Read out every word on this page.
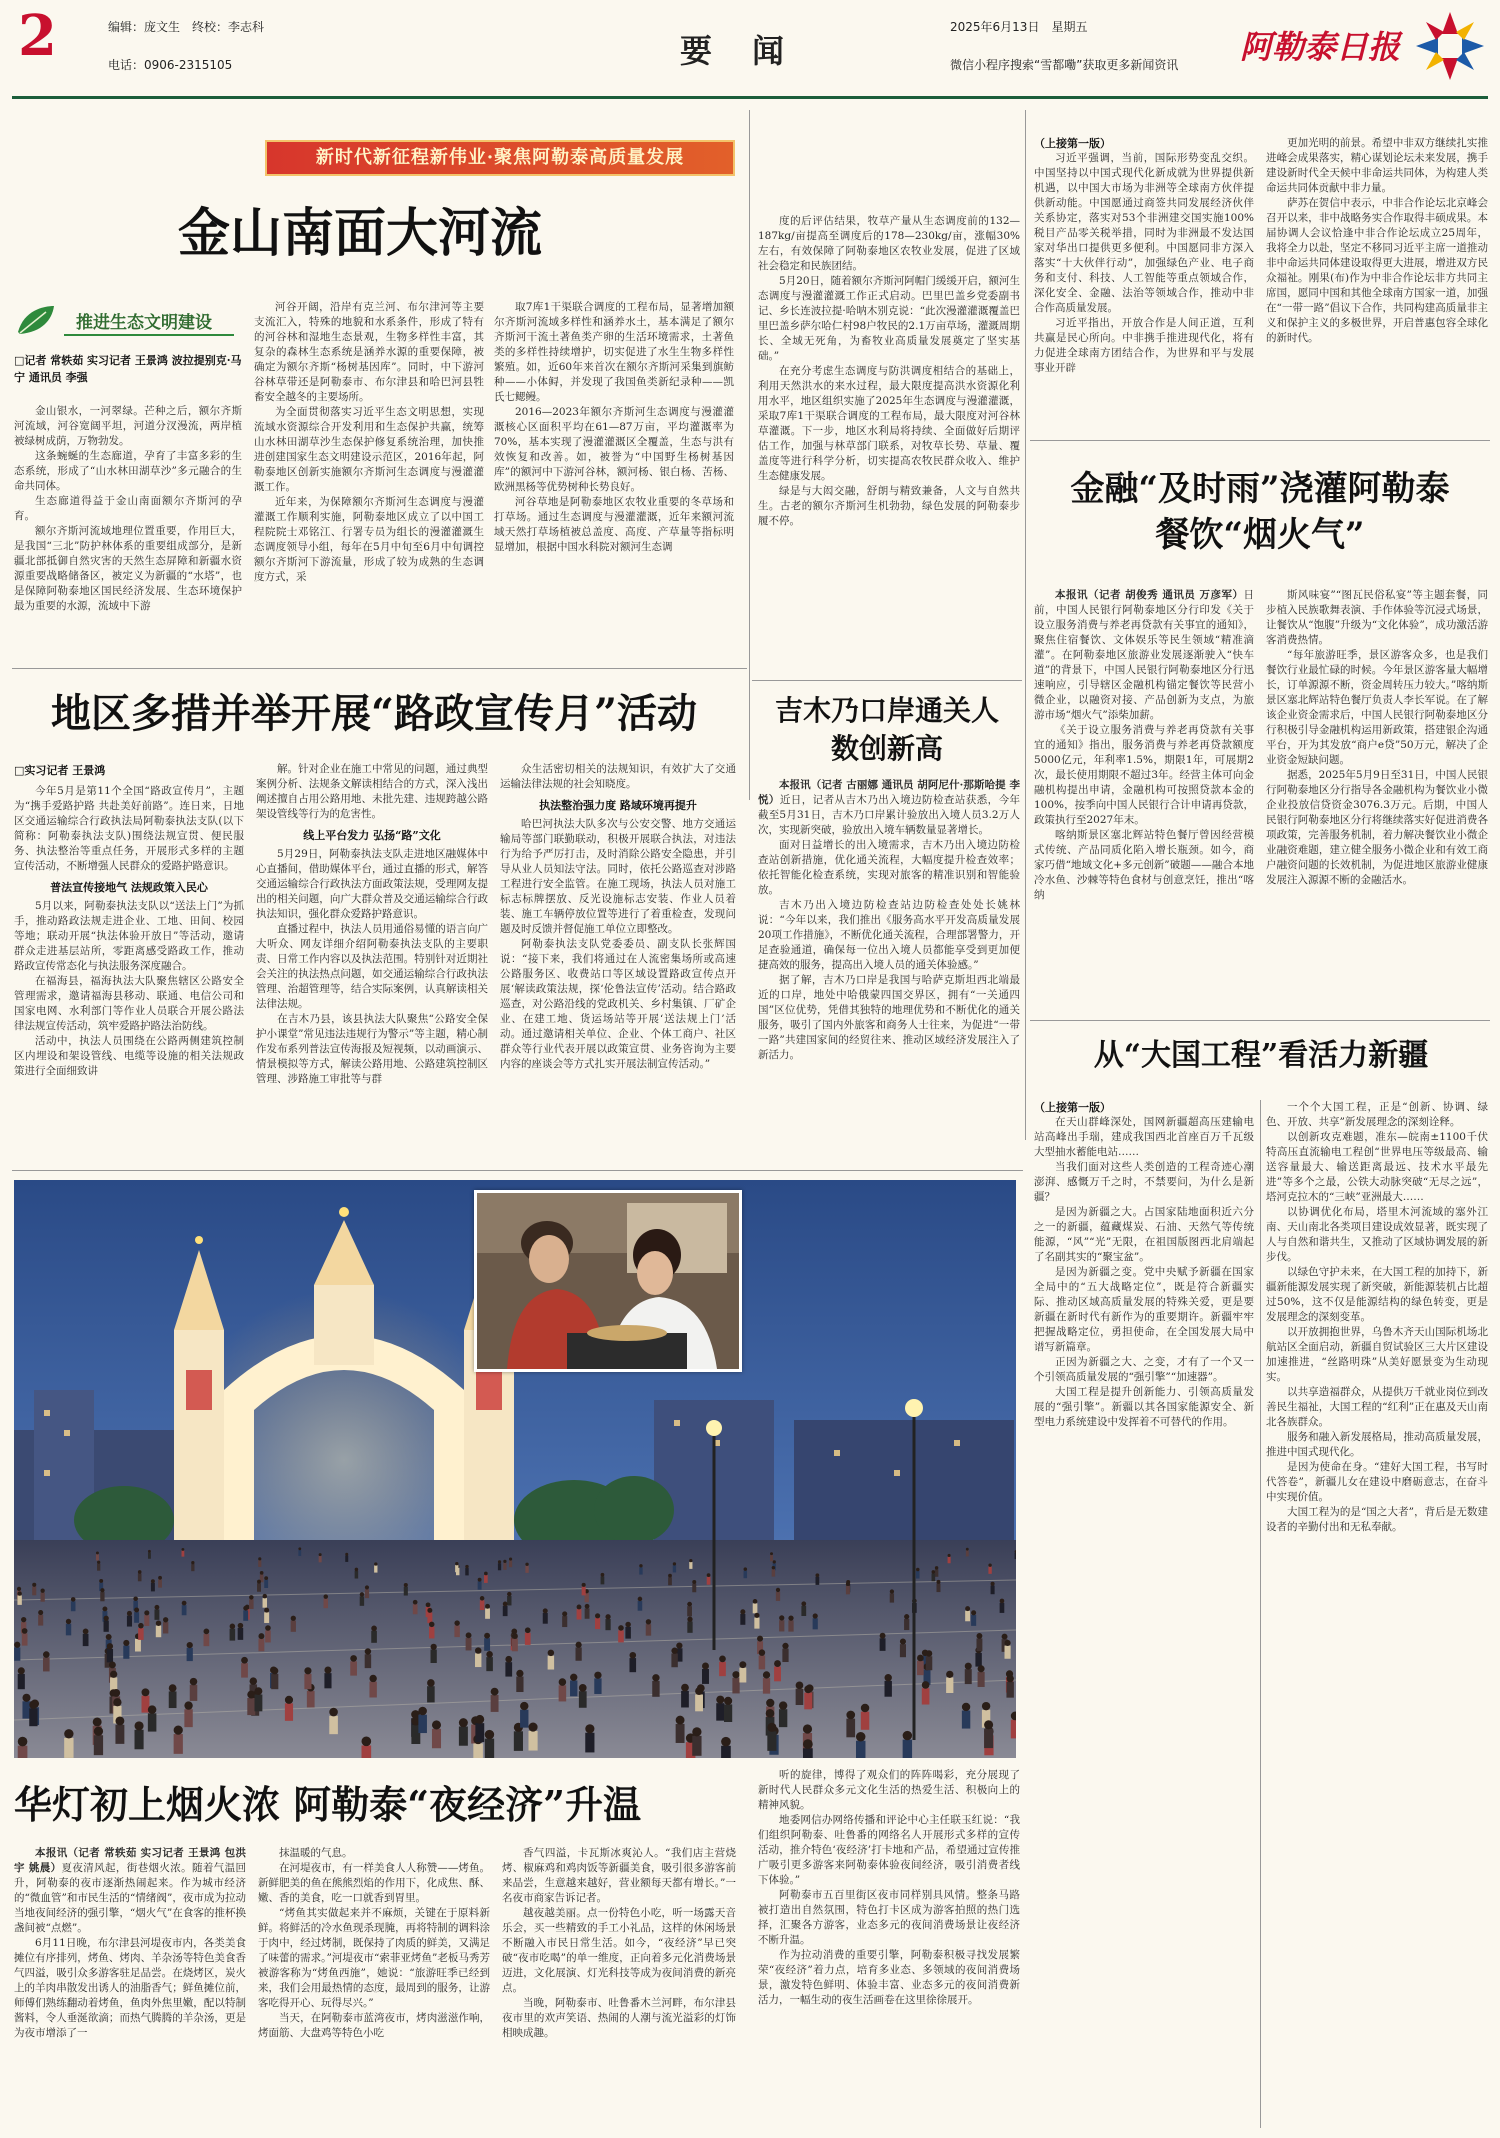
2	编辑：庞文生　终校：李志科
电话：0906-2315105	要　闻
2025年6月13日　星期五
微信小程序搜索“雪都嘞”获取更多新闻资讯 阿勒泰日报
新时代新征程新伟业·聚焦阿勒泰高质量发展
金山南面大河流
推进生态文明建设
□记者 常轶茹 实习记者 王景鸿 波拉提别克·马宁 通讯员 李强

金山银水，一河翠绿。芒种之后，额尔齐斯河流域，河谷宽阔平坦，河道分汊漫流，两岸植被绿树成荫，万物勃发。

这条蜿蜒的生态廊道，孕育了丰富多彩的生态系统，形成了“山水林田湖草沙”多元融合的生命共同体。

生态廊道得益于金山南面额尔齐斯河的孕育。

额尔齐斯河流域地理位置重要，作用巨大，是我国“三北”防护林体系的重要组成部分，是新疆北部抵御自然灾害的天然生态屏障和新疆水资源重要战略储备区，被定义为新疆的“水塔”，也是保障阿勒泰地区国民经济发展、生态环境保护最为重要的水源，流域中下游

河谷开阔，沿岸有克兰河、布尔津河等主要支流汇入，特殊的地貌和水系条件，形成了特有的河谷林和湿地生态景观，生物多样性丰富，其复杂的森林生态系统是涵养水源的重要保障，被确定为额尔齐斯“杨树基因库”。同时，中下游河谷林草带还是阿勒泰市、布尔津县和哈巴河县牲畜安全越冬的主要场所。

为全面贯彻落实习近平生态文明思想，实现流域水资源综合开发利用和生态保护共赢，统筹山水林田湖草沙生态保护修复系统治理，加快推进创建国家生态文明建设示范区，2016年起，阿勒泰地区创新实施额尔齐斯河生态调度与漫灌灌溉工作。

近年来，为保障额尔齐斯河生态调度与漫灌灌溉工作顺利实施，阿勒泰地区成立了以中国工程院院士邓铭江、行署专员为组长的漫灌灌溉生态调度领导小组，每年在5月中旬至6月中旬调控额尔齐斯河下游流量，形成了较为成熟的生态调度方式，采

取7库1干渠联合调度的工程布局，显著增加额尔齐斯河流域多样性和涵养水土，基本满足了额尔齐斯河干流土著鱼类产卵的生活环境需求，土著鱼类的多样性持续增护，切实促进了水生生物多样性繁殖。如，近60年来首次在额尔齐斯河采集到旗鲂种——小体鲟，并发现了我国鱼类新纪录种——凯氏七鳃鳗。

2016—2023年额尔齐斯河生态调度与漫灌灌溉核心区面积平均在61—87万亩，平均灌溉率为70%，基本实现了漫灌灌溉区全覆盖，生态与洪有效恢复和改善。如，被誉为“中国野生杨树基因库”的额河中下游河谷林，额河杨、银白杨、苦杨、欧洲黑杨等优势树种长势良好。

河谷草地是阿勒泰地区农牧业重要的冬草场和打草场。通过生态调度与漫灌灌溉，近年来额河流域天然打草场植被总盖度、高度、产草量等指标明显增加，根据中国水科院对额河生态调

度的后评估结果，牧草产量从生态调度前的132—187kg/亩提高至调度后的178—230kg/亩，涨幅30%左右，有效保障了阿勒泰地区农牧业发展，促进了区域社会稳定和民族团结。

5月20日，随着额尔齐斯河阿帽门缓缓开启，额河生态调度与漫灌灌溉工作正式启动。巴里巴盖乡党委副书记、乡长连波拉提·哈呐木别克说：“此次漫灌灌溉覆盖巴里巴盖乡萨尔哈仁村98户牧民的2.1万亩草场，灌溉周期长、全域无死角，为畜牧业高质量发展奠定了坚实基础。”

在充分考虑生态调度与防洪调度相结合的基础上，利用天然洪水的来水过程，最大限度提高洪水资源化利用水平，地区组织实施了2025年生态调度与漫灌灌溉，采取7库1干渠联合调度的工程布局，最大限度对河谷林草灌溉。下一步，地区水利局将持续、全面做好后期评估工作，加强与林草部门联系，对牧草长势、草量、覆盖度等进行科学分析，切实提高农牧民群众收入、维护生态健康发展。

绿是与大闳交融，舒朗与精致兼备，人文与自然共生。古老的额尔齐斯河生机勃勃，绿色发展的阿勒泰步履不停。

地区多措并举开展“路政宣传月”活动
□实习记者 王景鸿

今年5月是第11个全国“路政宣传月”，主题为“携手爱路护路 共赴美好前路”。连日来，日地区交通运输综合行政执法局阿勒泰执法支队(以下简称：阿勒泰执法支队)围绕法规宣贯、便民服务、执法整治等重点任务，开展形式多样的主题宣传活动，不断增强人民群众的爱路护路意识。

普法宣传接地气 法规政策入民心

5月以来，阿勒泰执法支队以“送法上门”为抓手，推动路政法规走进企业、工地、田间、校园等地；联动开展“执法体验开放日”等活动，邀请群众走进基层站所，零距离感受路政工作，推动路政宣传常态化与执法服务深度融合。

在福海县，福海执法大队聚焦辖区公路安全管理需求，邀请福海县移动、联通、电信公司和国家电网、水利部门等作业人员联合开展公路法律法规宣传活动，筑牢爱路护路法治防线。

活动中，执法人员围绕在公路两侧建筑控制区内埋设和架设管线、电缆等设施的相关法规政策进行全面细致讲

解。针对企业在施工中常见的问题，通过典型案例分析、法规条文解读相结合的方式，深入浅出阐述擅自占用公路用地、未批先建、违规跨越公路架设管线等行为的危害性。

线上平台发力 弘扬“路”文化

5月29日，阿勒泰执法支队走进地区融媒体中心直播间，借助媒体平台，通过直播的形式，解答交通运输综合行政执法方面政策法规，受理网友提出的相关问题，向广大群众普及交通运输综合行政执法知识，强化群众爱路护路意识。

直播过程中，执法人员用通俗易懂的语言向广大听众、网友详细介绍阿勒泰执法支队的主要职责、日常工作内容以及执法范围。特别针对近期社会关注的执法热点问题，如交通运输综合行政执法管理、治超管理等，结合实际案例，认真解读相关法律法规。

在吉木乃县，该县执法大队聚焦“公路安全保护小课堂”常见违法违规行为警示”等主题，精心制作发布系列普法宣传海报及短视频，以动画演示、情景模拟等方式，解读公路用地、公路建筑控制区管理、涉路施工审批等与群

众生活密切相关的法规知识，有效扩大了交通运输法律法规的社会知晓度。

执法整治强力度 路域环境再提升

哈巴河执法大队多次与公安交警、地方交通运输局等部门联勤联动，积极开展联合执法，对违法行为给予严厉打击，及时消除公路安全隐患，并引导从业人员知法守法。同时，依托公路巡查对涉路工程进行安全监管。在施工现场，执法人员对施工标志标牌摆放、反光设施标志安装、作业人员着装、施工车辆停放位置等进行了着重检查，发现问题及时反馈并督促施工单位立即整改。

阿勒泰执法支队党委委员、副支队长张辉国说：“接下来，我们将通过在人流密集场所或高速公路服务区、收费站口等区域设置路政宣传点开展‘解读政策法规，探‘伦鲁法宣传’活动。结合路政巡查，对公路沿线的党政机关、乡村集镇、厂矿企业、在建工地、货运场站等开展‘送法规上门’活动。通过邀请相关单位、企业、个体工商户、社区群众等行业代表开展以政策宣贯、业务咨询为主要内容的座谈会等方式扎实开展法制宣传活动。”

吉木乃口岸通关人数创新高

本报讯（记者 古丽娜 通讯员 胡阿尼什·那斯哈提 李悦）近日，记者从吉木乃出入境边防检查站获悉，今年截至5月31日，吉木乃口岸累计验放出入境人员3.2万人次，实现新突破，验放出入境车辆数量显著增长。

面对日益增长的出入境需求，吉木乃出入境边防检查站创新措施，优化通关流程，大幅度提升检查效率；依托智能化检查系统，实现对旅客的精准识别和智能验放。

吉木乃出入境边防检查站边防检查处处长姚林说：“今年以来，我们推出《服务高水平开发高质量发展20项工作措施》，不断优化通关流程，合理部署警力，开足查验通道，确保每一位出入境人员都能享受到更加便捷高效的服务，提高出入境人员的通关体验感。”

据了解，吉木乃口岸是我国与哈萨克斯坦西北端最近的口岸，地处中哈俄蒙四国交界区，拥有“一关通四国”区位优势，凭借其独特的地理优势和不断优化的通关服务，吸引了国内外旅客和商务人士往来，为促进“一带一路”共建国家间的经贸往来、推动区域经济发展注入了新活力。

（上接第一版）

习近平强调，当前，国际形势变乱交织。中国坚持以中国式现代化新成就为世界提供新机遇，以中国大市场为非洲等全球南方伙伴提供新动能。中国愿通过商签共同发展经济伙伴关系协定，落实对53个非洲建交国实施100%税目产品零关税举措，同时为非洲最不发达国家对华出口提供更多便利。中国愿同非方深入落实“十大伙伴行动”，加强绿色产业、电子商务和支付、科技、人工智能等重点领域合作，深化安全、金融、法治等领域合作，推动中非合作高质量发展。

习近平指出，开放合作是人间正道，互利共赢是民心所向。中非携手推进现代化，将有力促进全球南方团结合作，为世界和平与发展事业开辟

更加光明的前景。希望中非双方继续扎实推进峰会成果落实，精心谋划论坛未来发展，携手建设新时代全天候中非命运共同体，为构建人类命运共同体贡献中非力量。

萨苏在贺信中表示，中非合作论坛北京峰会召开以来，非中战略务实合作取得丰硕成果。本届协调人会议恰逢中非合作论坛成立25周年，我将全力以赴，坚定不移同习近平主席一道推动非中命运共同体建设取得更大进展，增进双方民众福祉。刚果(布)作为中非合作论坛非方共同主席国，愿同中国和其他全球南方国家一道，加强在“一带一路”倡议下合作，共同构建高质量非主义和保护主义的多极世界，开启普惠包容全球化的新时代。

金融“及时雨”浇灌阿勒泰餐饮“烟火气”

本报讯（记者 胡俊秀 通讯员 万彦军）日前，中国人民银行阿勒泰地区分行印发《关于设立服务消费与养老再贷款有关事宜的通知》，聚焦住宿餐饮、文体娱乐等民生领域“精准滴灌”。在阿勒泰地区旅游业发展逐渐驶入“快车道”的背景下，中国人民银行阿勒泰地区分行迅速响应，引导辖区金融机构锚定餐饮等民营小微企业，以融资对接、产品创新为支点，为旅游市场“烟火气”添柴加薪。

《关于设立服务消费与养老再贷款有关事宜的通知》指出，服务消费与养老再贷款额度5000亿元，年利率1.5%，期限1年，可展期2次，最长使用期限不超过3年。经营主体可向金融机构提出申请，金融机构可按照贷款本金的100%，按季向中国人民银行合计申请再贷款，政策执行至2027年末。

喀纳斯景区塞北辉站特色餐厅曾因经营模式传统、产品同质化陷入增长瓶颈。如今，商家巧借“地域文化+多元创新”破题——融合本地冷水鱼、沙棘等特色食材与创意烹饪，推出“喀纳

斯风味宴”“图瓦民俗私宴”等主题套餐，同步植入民族歌舞表演、手作体验等沉浸式场景，让餐饮从“饱腹”升级为“文化体验”，成功激活游客消费热情。

“每年旅游旺季，景区游客众多，也是我们餐饮行业最忙碌的时候。今年景区游客量大幅增长，订单源源不断，资金周转压力较大。”喀纳斯景区塞北辉站特色餐厅负责人李长军说。在了解该企业资金需求后，中国人民银行阿勒泰地区分行积极引导金融机构运用新政策，搭建银企沟通平台，开为其发放“商户e贷”50万元，解决了企业资金短缺问题。

据悉，2025年5月9日至31日，中国人民银行阿勒泰地区分行指导各金融机构为餐饮业小微企业投放信贷资金3076.3万元。后期，中国人民银行阿勒泰地区分行将继续落实好促进消费各项政策，完善服务机制，着力解决餐饮业小微企业融资难题，建立健全服务小微企业和有效工商户融资问题的长效机制，为促进地区旅游业健康发展注入源源不断的金融活水。

从“大国工程”看活力新疆
（上接第一版）

在天山群峰深处，国网新疆超高压建输电站高峰出手瑞，建成我国西北首座百万千瓦级大型抽水蓄能电站……

当我们面对这些人类创造的工程奇迹心潮澎湃、感慨万千之时，不禁要问，为什么是新疆？

是因为新疆之大。占国家陆地面积近六分之一的新疆，蕴藏煤炭、石油、天然气等传统能源，“风”“光”无限，在祖国版图西北肩端起了名副其实的“聚宝盆”。

是因为新疆之变。党中央赋予新疆在国家全局中的“五大战略定位”，既是符合新疆实际、推动区域高质量发展的特殊关爱，更是要新疆在新时代有新作为的重要期许。新疆牢牢把握战略定位，勇担使命，在全国发展大局中谱写新篇章。

正因为新疆之大、之变，才有了一个又一个引领高质量发展的“强引擎”“加速器”。

大国工程是提升创新能力、引领高质量发展的“强引擎”。新疆以其各国家能源安全、新型电力系统建设中发挥着不可替代的作用。

一个个大国工程，正是“创新、协调、绿色、开放、共享”新发展理念的深刻诠释。

以创新攻克难题，准东—皖南±1100千伏特高压直流输电工程创“世界电压等级最高、输送容量最大、输送距离最远、技术水平最先进”等多个之最，公铁大动脉突破“无尽之远”，塔河克拉木的“三峡”亚洲最大……

以协调优化布局，塔里木河流域的塞外江南、天山南北各类项目建设成效显著，既实现了人与自然和谐共生，又推动了区域协调发展的新步伐。

以绿色守护未来，在大国工程的加持下，新疆新能源发展实现了新突破，新能源装机占比超过50%，这不仅是能源结构的绿色转变，更是发展理念的深刻变革。

以开放拥抱世界，乌鲁木齐天山国际机场北航站区全面启动，新疆自贸试验区三大片区建设加速推进，“丝路明珠”从美好愿景变为生动现实。

以共享造福群众，从提供万千就业岗位到改善民生福祉，大国工程的“红利”正在惠及天山南北各族群众。

服务和融入新发展格局，推动高质量发展，推进中国式现代化。

是因为使命在身。“建好大国工程，书写时代答卷”，新疆儿女在建设中磨砺意志，在奋斗中实现价值。

大国工程为的是“国之大者”，背后是无数建设者的辛勤付出和无私奉献。

华灯初上烟火浓 阿勒泰“夜经济”升温

本报讯（记者 常轶茹 实习记者 王景鸿 包洪宇 姚晨）夏夜清风起，街巷烟火浓。随着气温回升，阿勒泰的夜市逐渐热闹起来。作为城市经济的“微血管”和市民生活的“情绪阀”，夜市成为拉动当地夜间经济的强引擎，“烟火气”在食客的推杯换盏间被“点燃”。

6月11日晚，布尔津县河堤夜市内，各类美食摊位有序排列，烤鱼、烤肉、羊杂汤等特色美食香气四溢，吸引众多游客驻足品尝。在烧烤区，炭火上的羊肉串散发出诱人的油脂香气；鲜鱼摊位前，师傅们熟练翻动着烤鱼，鱼肉外焦里嫩，配以特制酱料，令人垂涎欲滴；而热气腾腾的羊杂汤，更是为夜市增添了一

抹温暖的气息。

在河堤夜市，有一样美食人人称赞——烤鱼。新鲜肥美的鱼在熊熊烈焰的作用下，化成焦、酥、嫩、香的美食，吃一口就香到胃里。

“烤鱼其实做起来并不麻烦，关键在于原料新鲜。将鲜活的冷水鱼现杀现腌，再将特制的调料涂于肉中，经过烤制，既保持了肉质的鲜美，又满足了味蕾的需求。”河堤夜市“索菲亚烤鱼”老板马秀芳被游客称为“烤鱼西施”，她说：“旅游旺季已经到来，我们会用最热情的态度，最周到的服务，让游客吃得开心、玩得尽兴。”

当天，在阿勒泰市蓝湾夜市，烤肉滋滋作响，烤面筋、大盘鸡等特色小吃

香气四溢，卡瓦斯冰爽沁人。“我们店主营烧烤、椒麻鸡和鸡肉饭等新疆美食，吸引很多游客前来品尝，生意越来越好，营业额每天都有增长。”一名夜市商家告诉记者。

越夜越美丽。点一份特色小吃，听一场露天音乐会，买一些精致的手工小礼品，这样的休闲场景不断融入市民日常生活。如今，“夜经济”早已突破“夜市吃喝”的单一维度，正向着多元化消费场景迈进，文化展演、灯光科技等成为夜间消费的新亮点。

当晚，阿勒泰市、吐鲁番木兰河畔，布尔津县夜市里的欢声笑语、热闹的人潮与流光溢彩的灯饰相映成趣。

听的旋律，博得了观众们的阵阵喝彩，充分展现了新时代人民群众多元文化生活的热爱生活、积极向上的精神风貌。

地委网信办网络传播和评论中心主任联玉红说：“我们组织阿勒泰、吐鲁番的网络名人开展形式多样的宣传活动，推介特色‘夜经济’打卡地和产品，希望通过宣传推广吸引更多游客来阿勒泰体验夜间经济，吸引消费者线下体验。”

阿勒泰市五百里街区夜市同样别具风情。整条马路被打造出自然氛围，特色打卡区成为游客拍照的热门选择，汇聚各方游客，业态多元的夜间消费场景让夜经济不断升温。

作为拉动消费的重要引擎，阿勒泰积极寻找发展繁荣“夜经济”着力点，培育多业态、多领域的夜间消费场景，激发特色鲜明、体验丰富、业态多元的夜间消费新活力，一幅生动的夜生活画卷在这里徐徐展开。
